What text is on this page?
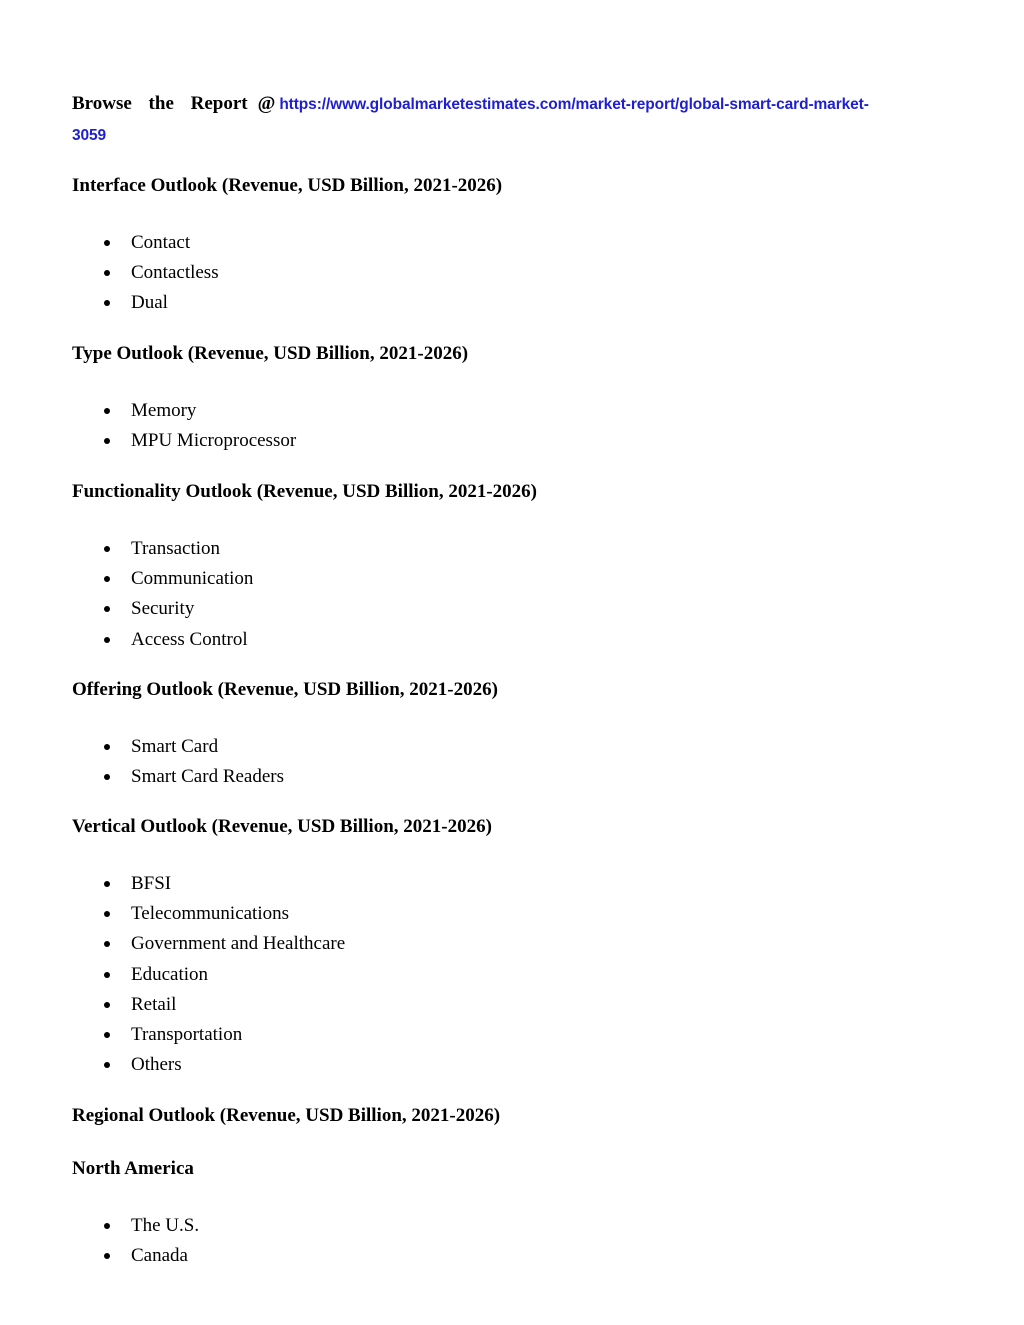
Browse the Report @ https://www.globalmarketestimates.com/market-report/global-smart-card-market-
3059

Interface Outlook (Revenue, USD Billion, 2021-2026)

Contact
Contactless
Dual

Type Outlook (Revenue, USD Billion, 2021-2026)

Memory
MPU Microprocessor

Functionality Outlook (Revenue, USD Billion, 2021-2026)

Transaction
Communication
Security
Access Control

Offering Outlook (Revenue, USD Billion, 2021-2026)

Smart Card
Smart Card Readers

Vertical Outlook (Revenue, USD Billion, 2021-2026)

BFSI
Telecommunications
Government and Healthcare
Education
Retail
Transportation
Others

Regional Outlook (Revenue, USD Billion, 2021-2026)

North America

The U.S.
Canada
